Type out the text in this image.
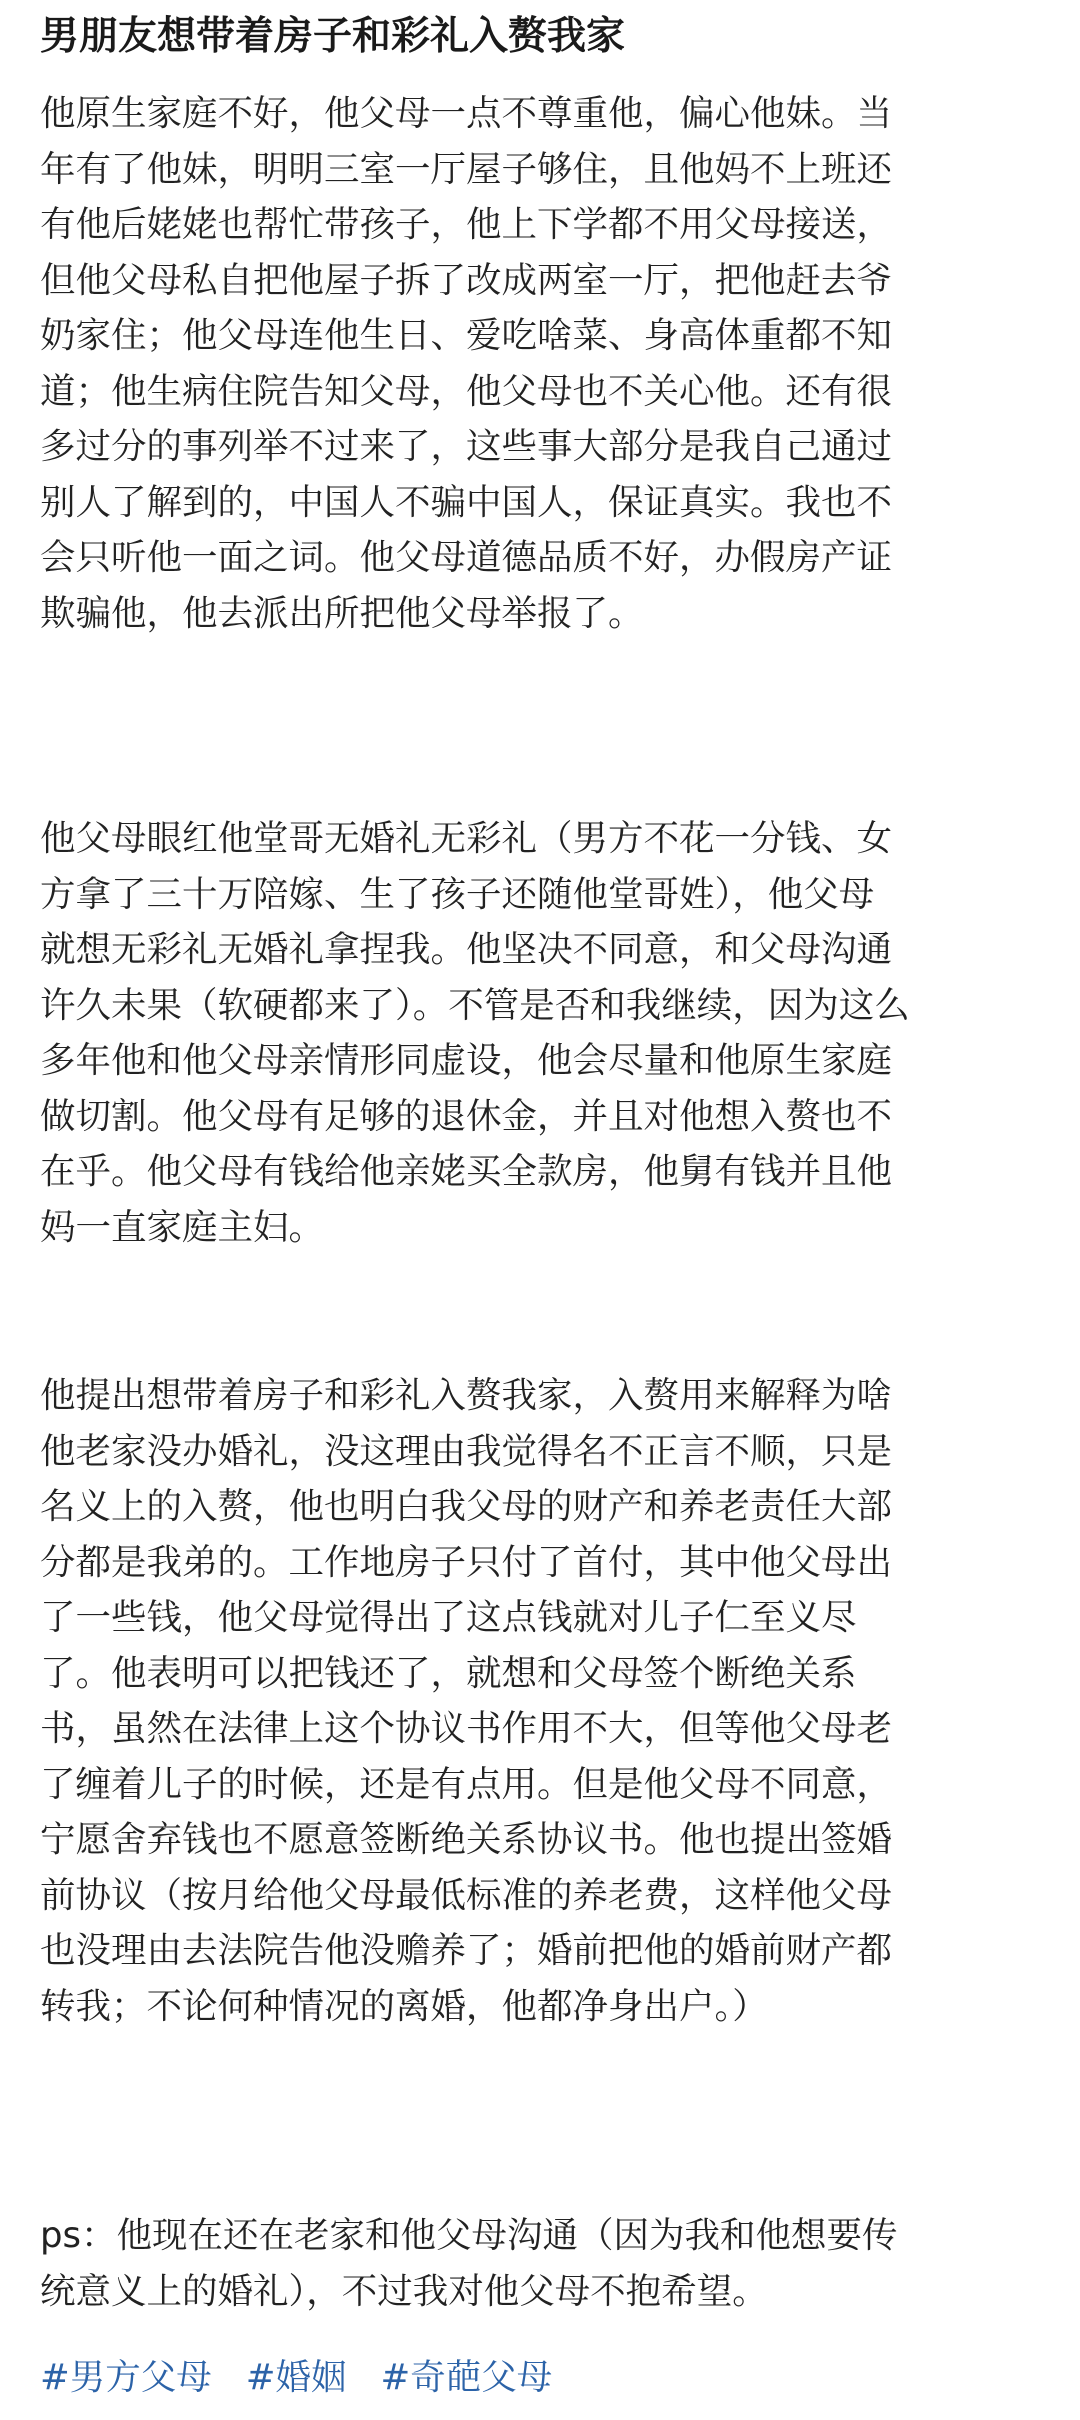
男朋友想带着房子和彩礼入赘我家
他原生家庭不好，他父母一点不尊重他，偏心他妹。当
年有了他妹，明明三室一厅屋子够住，且他妈不上班还
有他后姥姥也帮忙带孩子，他上下学都不用父母接送，
但他父母私自把他屋子拆了改成两室一厅，把他赶去爷
奶家住；他父母连他生日、爱吃啥菜、身高体重都不知
道；他生病住院告知父母，他父母也不关心他。还有很
多过分的事列举不过来了，这些事大部分是我自己通过
别人了解到的，中国人不骗中国人，保证真实。我也不
会只听他一面之词。他父母道德品质不好，办假房产证
欺骗他，他去派出所把他父母举报了。
他父母眼红他堂哥无婚礼无彩礼（男方不花一分钱、女
方拿了三十万陪嫁、生了孩子还随他堂哥姓），他父母
就想无彩礼无婚礼拿捏我。他坚决不同意，和父母沟通
许久未果（软硬都来了）。不管是否和我继续，因为这么
多年他和他父母亲情形同虚设，他会尽量和他原生家庭
做切割。他父母有足够的退休金，并且对他想入赘也不
在乎。他父母有钱给他亲姥买全款房，他舅有钱并且他
妈一直家庭主妇。
他提出想带着房子和彩礼入赘我家，入赘用来解释为啥
他老家没办婚礼，没这理由我觉得名不正言不顺，只是
名义上的入赘，他也明白我父母的财产和养老责任大部
分都是我弟的。工作地房子只付了首付，其中他父母出
了一些钱，他父母觉得出了这点钱就对儿子仁至义尽
了。他表明可以把钱还了，就想和父母签个断绝关系
书，虽然在法律上这个协议书作用不大，但等他父母老
了缠着儿子的时候，还是有点用。但是他父母不同意，
宁愿舍弃钱也不愿意签断绝关系协议书。他也提出签婚
前协议（按月给他父母最低标准的养老费，这样他父母
也没理由去法院告他没赡养了；婚前把他的婚前财产都
转我；不论何种情况的离婚，他都净身出户。）
ps：他现在还在老家和他父母沟通（因为我和他想要传
统意义上的婚礼），不过我对他父母不抱希望。
#男方父母 #婚姻 #奇葩父母
